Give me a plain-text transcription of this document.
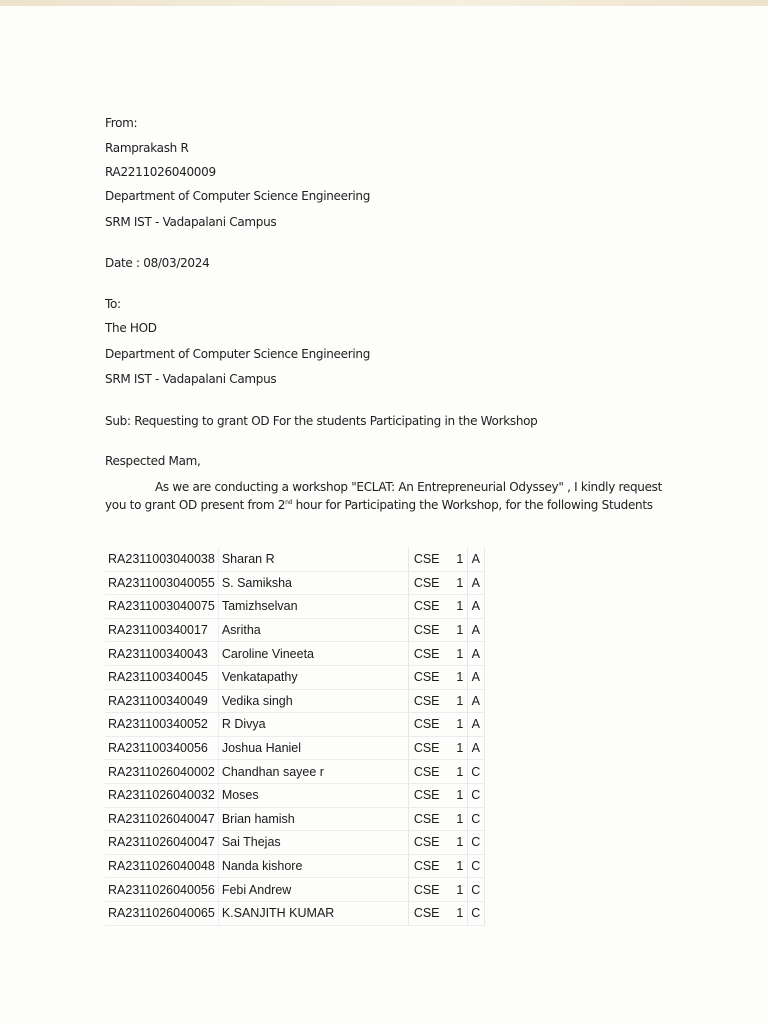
From:
Ramprakash R
RA2211026040009
Department of Computer Science Engineering
SRM IST - Vadapalani Campus
Date : 08/03/2024
To:
The HOD
Department of Computer Science Engineering
SRM IST - Vadapalani Campus
Sub: Requesting to grant OD For the students Participating in the Workshop
Respected Mam,
As we are conducting a workshop "ECLAT: An Entrepreneurial Odyssey" , I kindly request
you to grant OD present from 2nd hour for Participating the Workshop, for the following Students
RA2311003040038	Sharan R	CSE	1	A
RA2311003040055	S. Samiksha	CSE	1	A
RA2311003040075	Tamizhselvan	CSE	1	A
RA231100340017	Asritha	CSE	1	A
RA231100340043	Caroline Vineeta	CSE	1	A
RA231100340045	Venkatapathy	CSE	1	A
RA231100340049	Vedika singh	CSE	1	A
RA231100340052	R Divya	CSE	1	A
RA231100340056	Joshua Haniel	CSE	1	A
RA2311026040002	Chandhan sayee r	CSE	1	C
RA2311026040032	Moses	CSE	1	C
RA2311026040047	Brian hamish	CSE	1	C
RA2311026040047	Sai Thejas	CSE	1	C
RA2311026040048	Nanda kishore	CSE	1	C
RA2311026040056	Febi Andrew	CSE	1	C
RA2311026040065	K.SANJITH KUMAR	CSE	1	C
